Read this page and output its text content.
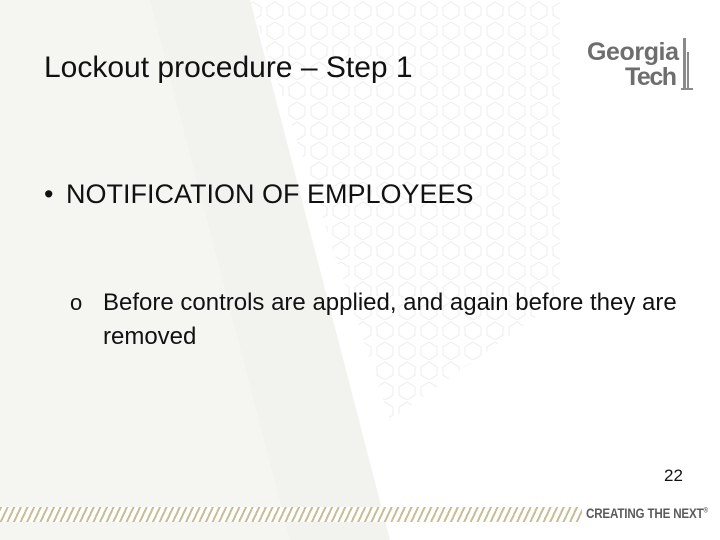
Lockout procedure – Step 1	Georgia
Tech
• NOTIFICATION OF EMPLOYEES
o Before controls are applied, and again before they are removed
22
CREATING THE NEXT®
